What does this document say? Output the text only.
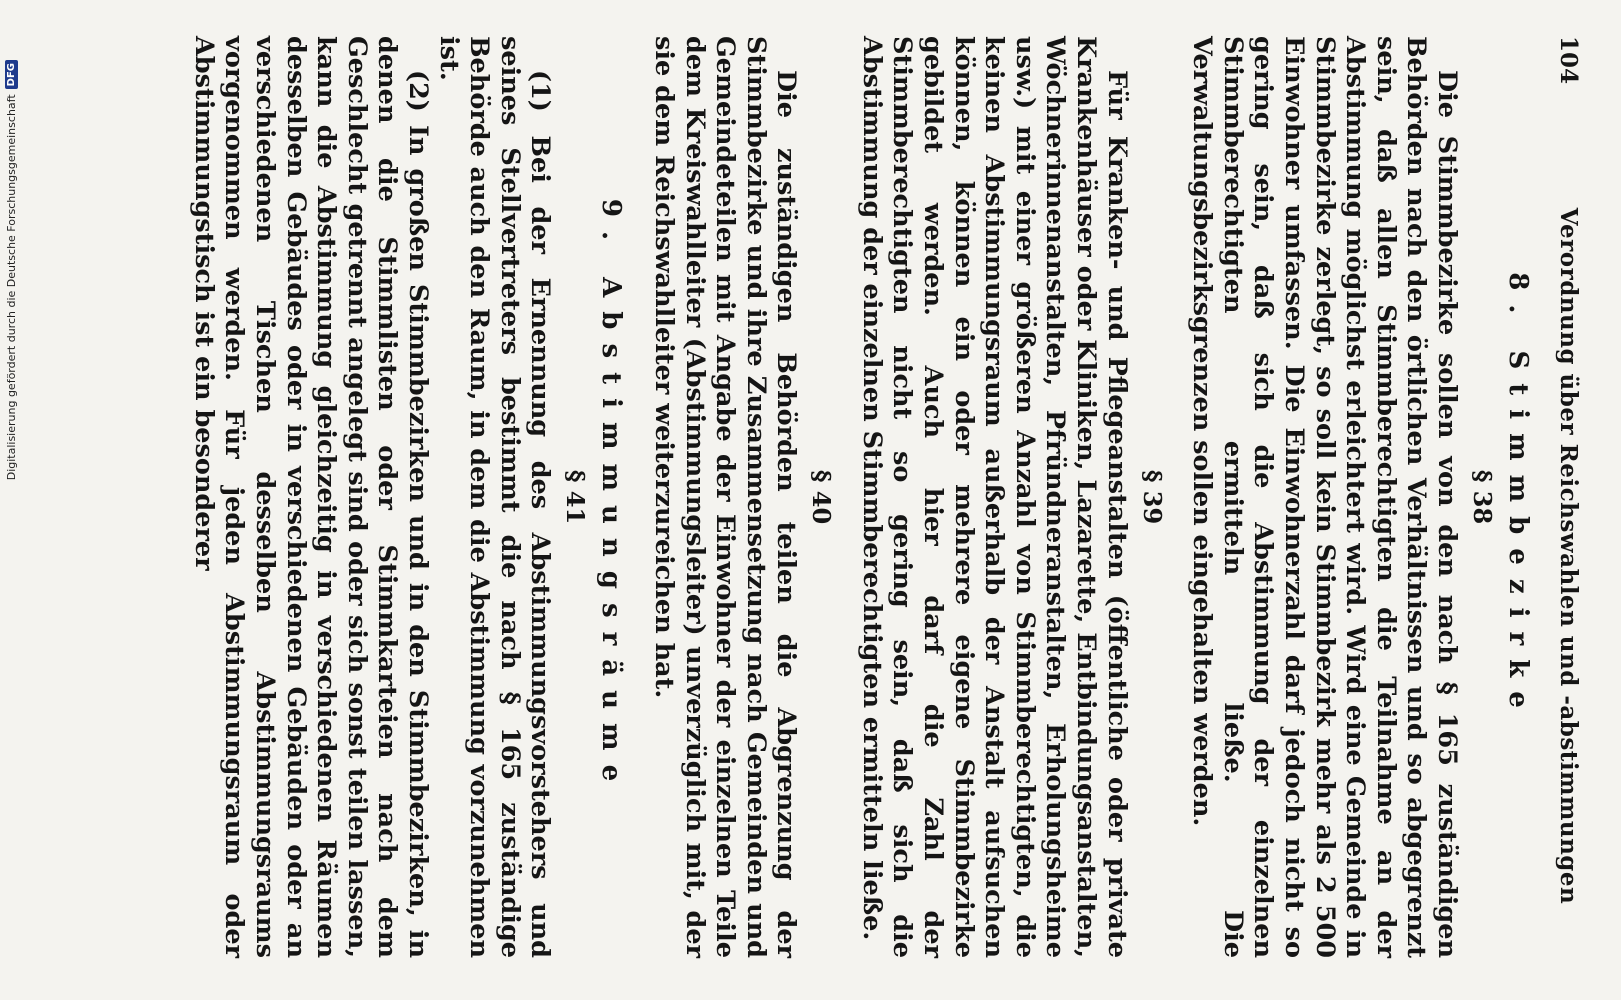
104
Verordnung über Reichswahlen und -abstimmungen
8. Stimmbezirke
§ 38

Die Stimmbezirke sollen von den nach § 165 zuständigen Behörden nach den örtlichen Verhältnissen und so abgegrenzt sein, daß allen Stimmberechtigten die Teilnahme an der Abstimmung möglichst erleichtert wird. Wird eine Gemeinde in Stimmbezirke zerlegt, so soll kein Stimmbezirk mehr als 2 500 Einwohner umfassen. Die Einwohnerzahl darf jedoch nicht so gering sein, daß sich die Abstimmung der einzelnen Stimmberechtigten ermitteln ließe. Die Verwaltungsbezirksgrenzen sollen eingehalten werden.

§ 39

Für Kranken- und Pflegeanstalten (öffentliche oder private Krankenhäuser oder Kliniken, Lazarette, Entbindungsanstalten, Wöchnerinnenanstalten, Pfründneranstalten, Erholungsheime usw.) mit einer größeren Anzahl von Stimmberechtigten, die keinen Abstimmungsraum außerhalb der Anstalt aufsuchen können, können ein oder mehrere eigene Stimmbezirke gebildet werden. Auch hier darf die Zahl der Stimmberechtigten nicht so gering sein, daß sich die Abstimmung der einzelnen Stimmberechtigten ermitteln ließe.

§ 40

Die zuständigen Behörden teilen die Abgrenzung der Stimmbezirke und ihre Zusammensetzung nach Gemeinden und Gemeindeteilen mit Angabe der Einwohner der einzelnen Teile dem Kreiswahlleiter (Abstimmungsleiter) unverzüglich mit, der sie dem Reichswahlleiter weiterzureichen hat.

9. Abstimmungsräume
§ 41

(1) Bei der Ernennung des Abstimmungsvorstehers und seines Stellvertreters bestimmt die nach § 165 zuständige Behörde auch den Raum, in dem die Abstimmung vorzunehmen ist.

(2) In großen Stimmbezirken und in den Stimmbezirken, in denen die Stimmlisten oder Stimmkarteien nach dem Geschlecht getrennt angelegt sind oder sich sonst teilen lassen, kann die Abstimmung gleichzeitig in verschiedenen Räumen desselben Gebäudes oder in verschiedenen Gebäuden oder an verschiedenen Tischen desselben Abstimmungsraums vorgenommen werden. Für jeden Abstimmungsraum oder Abstimmungstisch ist ein besonderer

Digitalisierung gefördert durch die Deutsche Forschungsgemeinschaft
DFG
